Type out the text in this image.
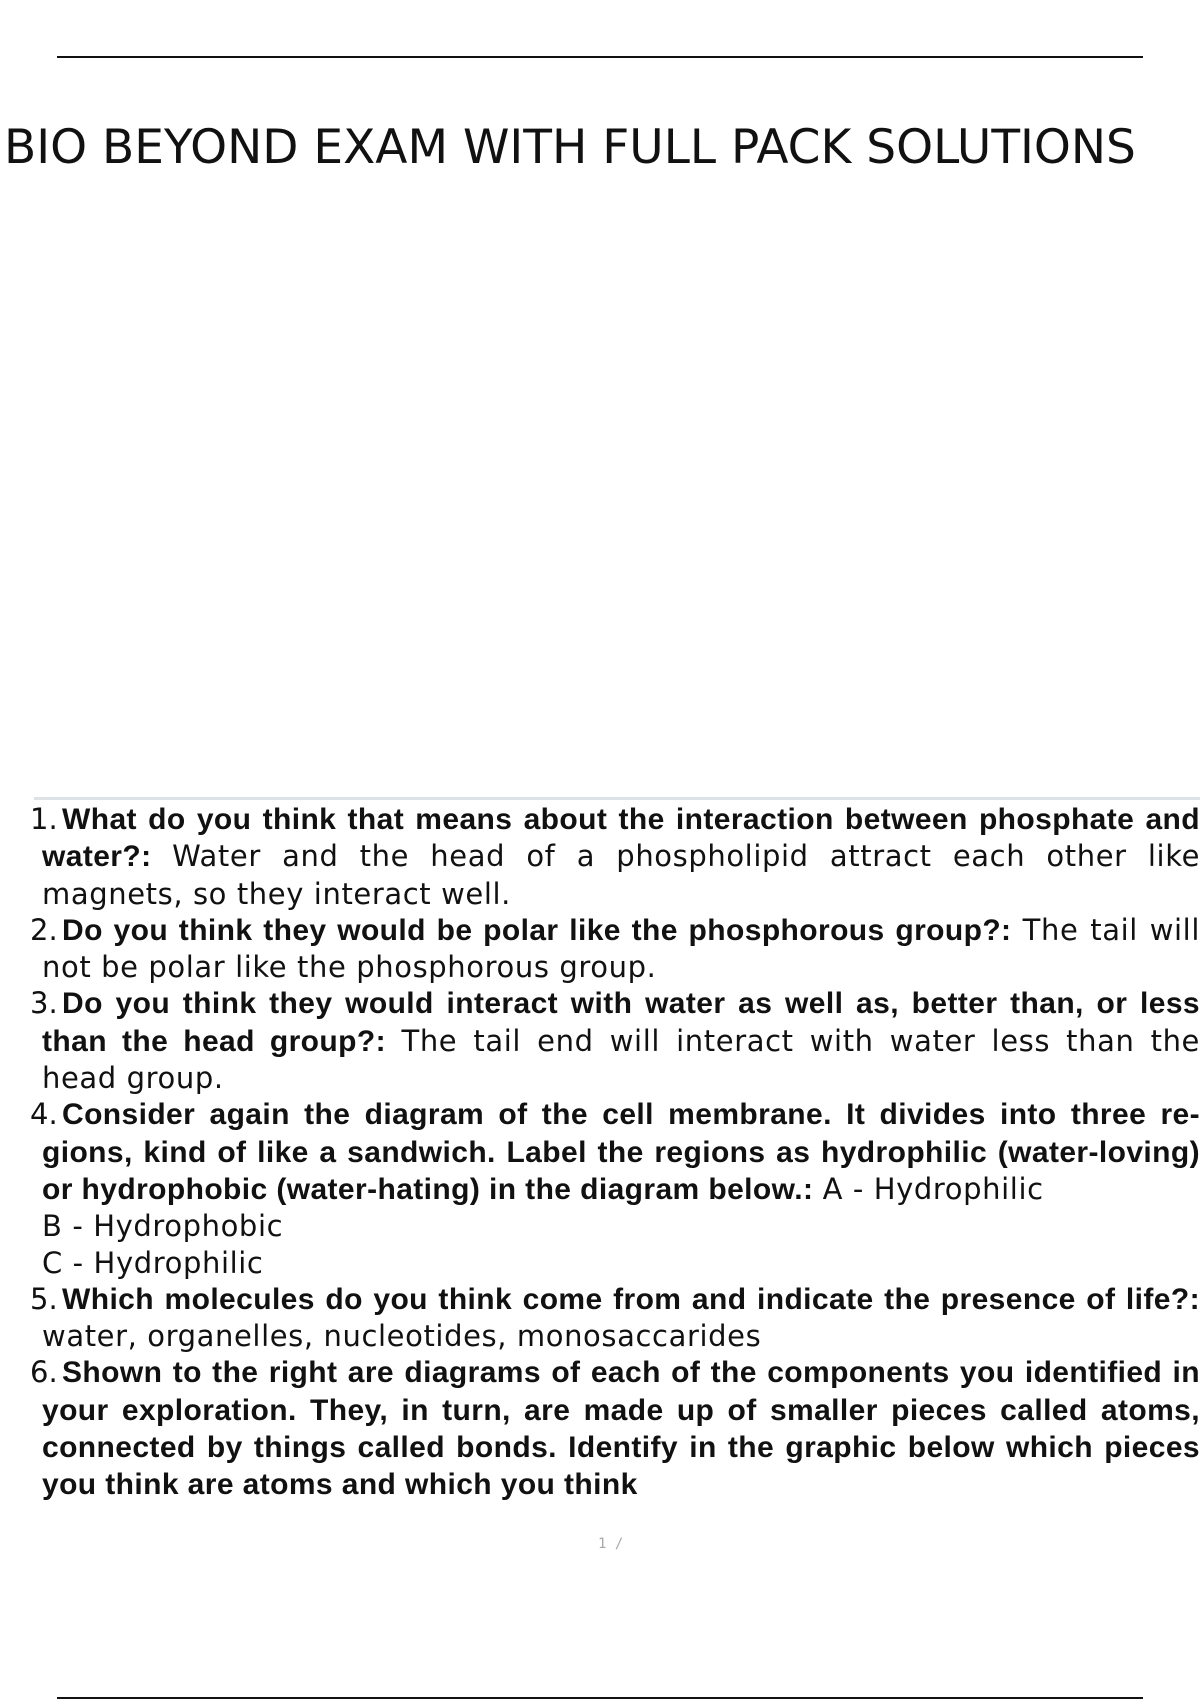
BIO BEYOND EXAM WITH FULL PACK SOLUTIONS
1. What do you think that means about the interaction between phosphate and water?: Water and the head of a phospholipid attract each other like magnets, so they interact well.
2. Do you think they would be polar like the phosphorous group?: The tail will not be polar like the phosphorous group.
3. Do you think they would interact with water as well as, better than, or less than the head group?: The tail end will interact with water less than the head group.
4. Consider again the diagram of the cell membrane. It divides into three re- gions, kind of like a sandwich. Label the regions as hydrophilic (water-loving) or hydrophobic (water-hating) in the diagram below.: A - Hydrophilic
B - Hydrophobic
C - Hydrophilic
5. Which molecules do you think come from and indicate the presence of life?: water, organelles, nucleotides, monosaccarides
6. Shown to the right are diagrams of each of the components you identified in your exploration. They, in turn, are made up of smaller pieces called atoms, connected by things called bonds. Identify in the graphic below which pieces you think are atoms and which you think
1 /
